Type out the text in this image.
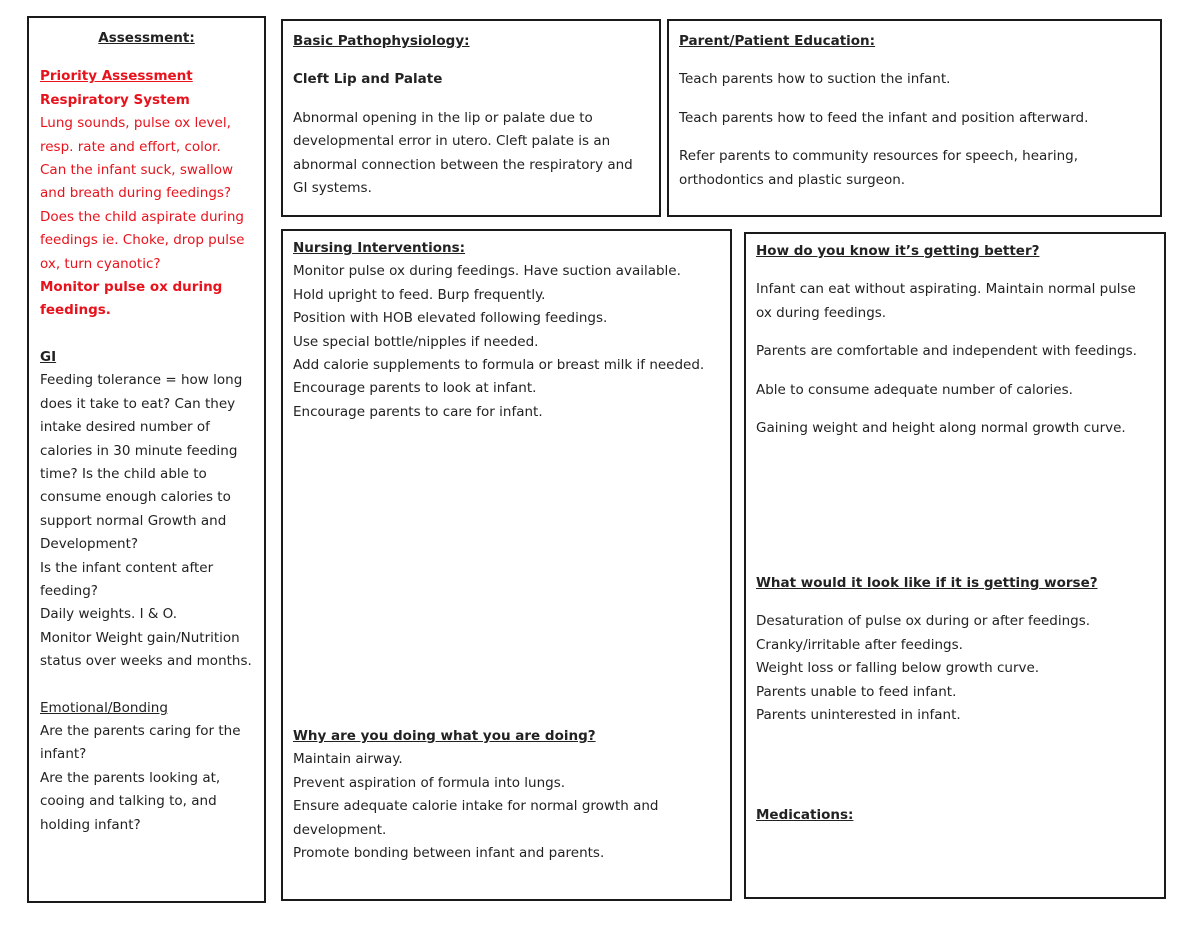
Assessment:
Priority Assessment
Respiratory System
Lung sounds, pulse ox level,
resp. rate and effort, color.
Can the infant suck, swallow
and breath during feedings?
Does the child aspirate during
feedings ie. Choke, drop pulse
ox, turn cyanotic?
Monitor pulse ox during
feedings.
GI
Feeding tolerance = how long
does it take to eat? Can they
intake desired number of
calories in 30 minute feeding
time? Is the child able to
consume enough calories to
support normal Growth and
Development?
Is the infant content after
feeding?
Daily weights. I & O.
Monitor Weight gain/Nutrition
status over weeks and months.
Emotional/Bonding
Are the parents caring for the
infant?
Are the parents looking at,
cooing and talking to, and
holding infant?
Basic Pathophysiology:
Cleft Lip and Palate
Abnormal opening in the lip or palate due to
developmental error in utero. Cleft palate is an
abnormal connection between the respiratory and
GI systems.
Parent/Patient Education:
Teach parents how to suction the infant.
Teach parents how to feed the infant and position afterward.
Refer parents to community resources for speech, hearing,
orthodontics and plastic surgeon.
Nursing Interventions:
Monitor pulse ox during feedings. Have suction available.
Hold upright to feed. Burp frequently.
Position with HOB elevated following feedings.
Use special bottle/nipples if needed.
Add calorie supplements to formula or breast milk if needed.
Encourage parents to look at infant.
Encourage parents to care for infant.
Why are you doing what you are doing?
Maintain airway.
Prevent aspiration of formula into lungs.
Ensure adequate calorie intake for normal growth and
development.
Promote bonding between infant and parents.
How do you know it’s getting better?
Infant can eat without aspirating. Maintain normal pulse
ox during feedings.
Parents are comfortable and independent with feedings.
Able to consume adequate number of calories.
Gaining weight and height along normal growth curve.
What would it look like if it is getting worse?
Desaturation of pulse ox during or after feedings.
Cranky/irritable after feedings.
Weight loss or falling below growth curve.
Parents unable to feed infant.
Parents uninterested in infant.
Medications:
